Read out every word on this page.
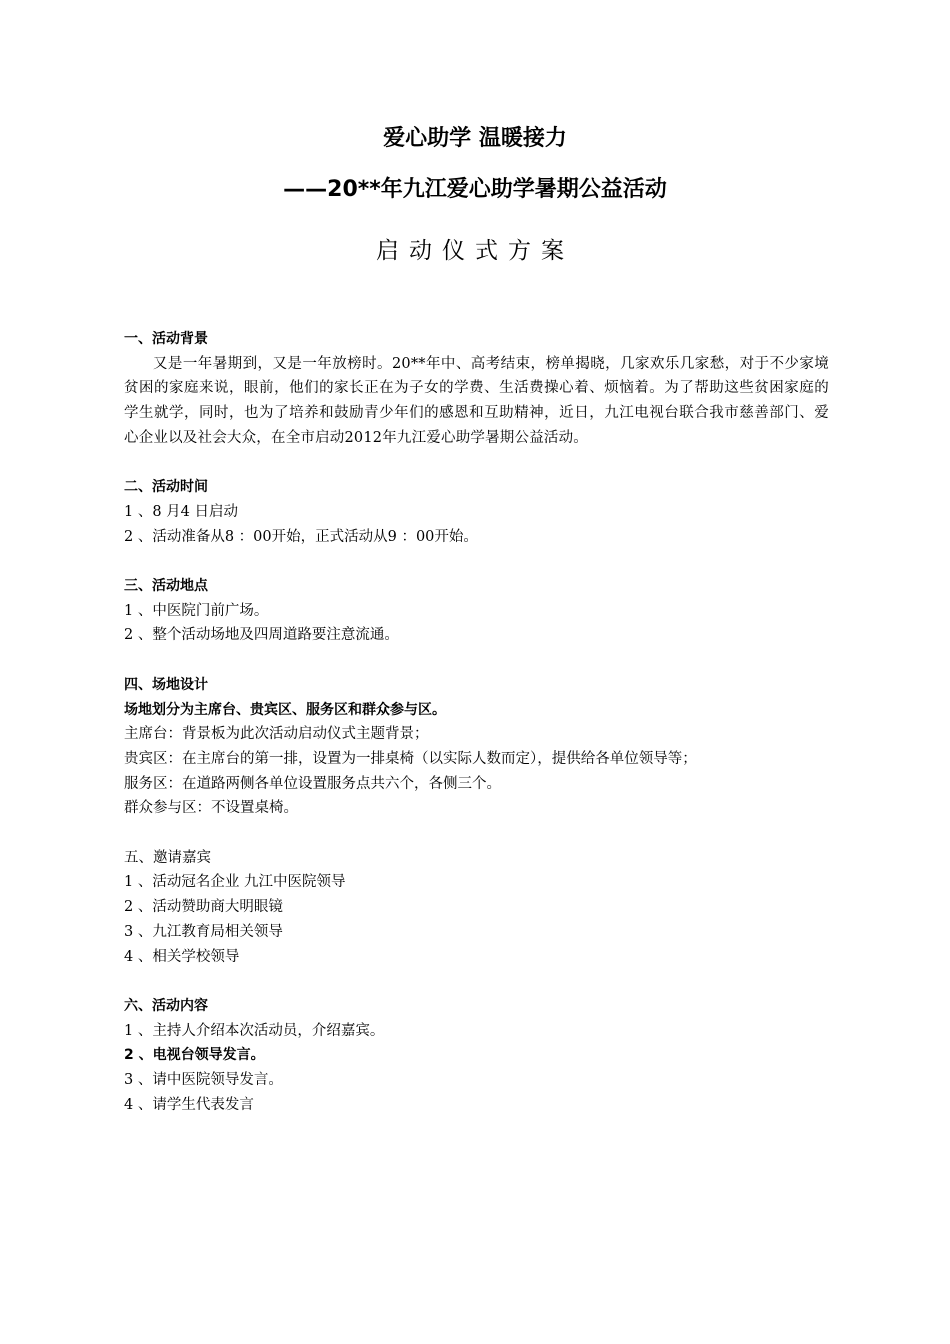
爱心助学 温暖接力
——20**年九江爱心助学暑期公益活动
启动仪式方案

一、活动背景

又是一年暑期到，又是一年放榜时。20**年中、高考结束，榜单揭晓，几家欢乐几家愁，对于不少家境贫困的家庭来说，眼前，他们的家长正在为子女的学费、生活费操心着、烦恼着。为了帮助这些贫困家庭的学生就学，同时，也为了培养和鼓励青少年们的感恩和互助精神，近日，九江电视台联合我市慈善部门、爱心企业以及社会大众，在全市启动2012年九江爱心助学暑期公益活动。

二、活动时间

1 、8 月4 日启动

2 、活动准备从8 ：00开始，正式活动从9 ：00开始。

三、活动地点

1 、中医院门前广场。

2 、整个活动场地及四周道路要注意流通。

四、场地设计

场地划分为主席台、贵宾区、服务区和群众参与区。

主席台：背景板为此次活动启动仪式主题背景；

贵宾区：在主席台的第一排，设置为一排桌椅（以实际人数而定），提供给各单位领导等；

服务区：在道路两侧各单位设置服务点共六个，各侧三个。

群众参与区：不设置桌椅。

五、邀请嘉宾

1 、活动冠名企业 九江中医院领导

2 、活动赞助商大明眼镜

3 、九江教育局相关领导

4 、相关学校领导

六、活动内容

1 、主持人介绍本次活动员，介绍嘉宾。

2 、电视台领导发言。

3 、请中医院领导发言。

4 、请学生代表发言
